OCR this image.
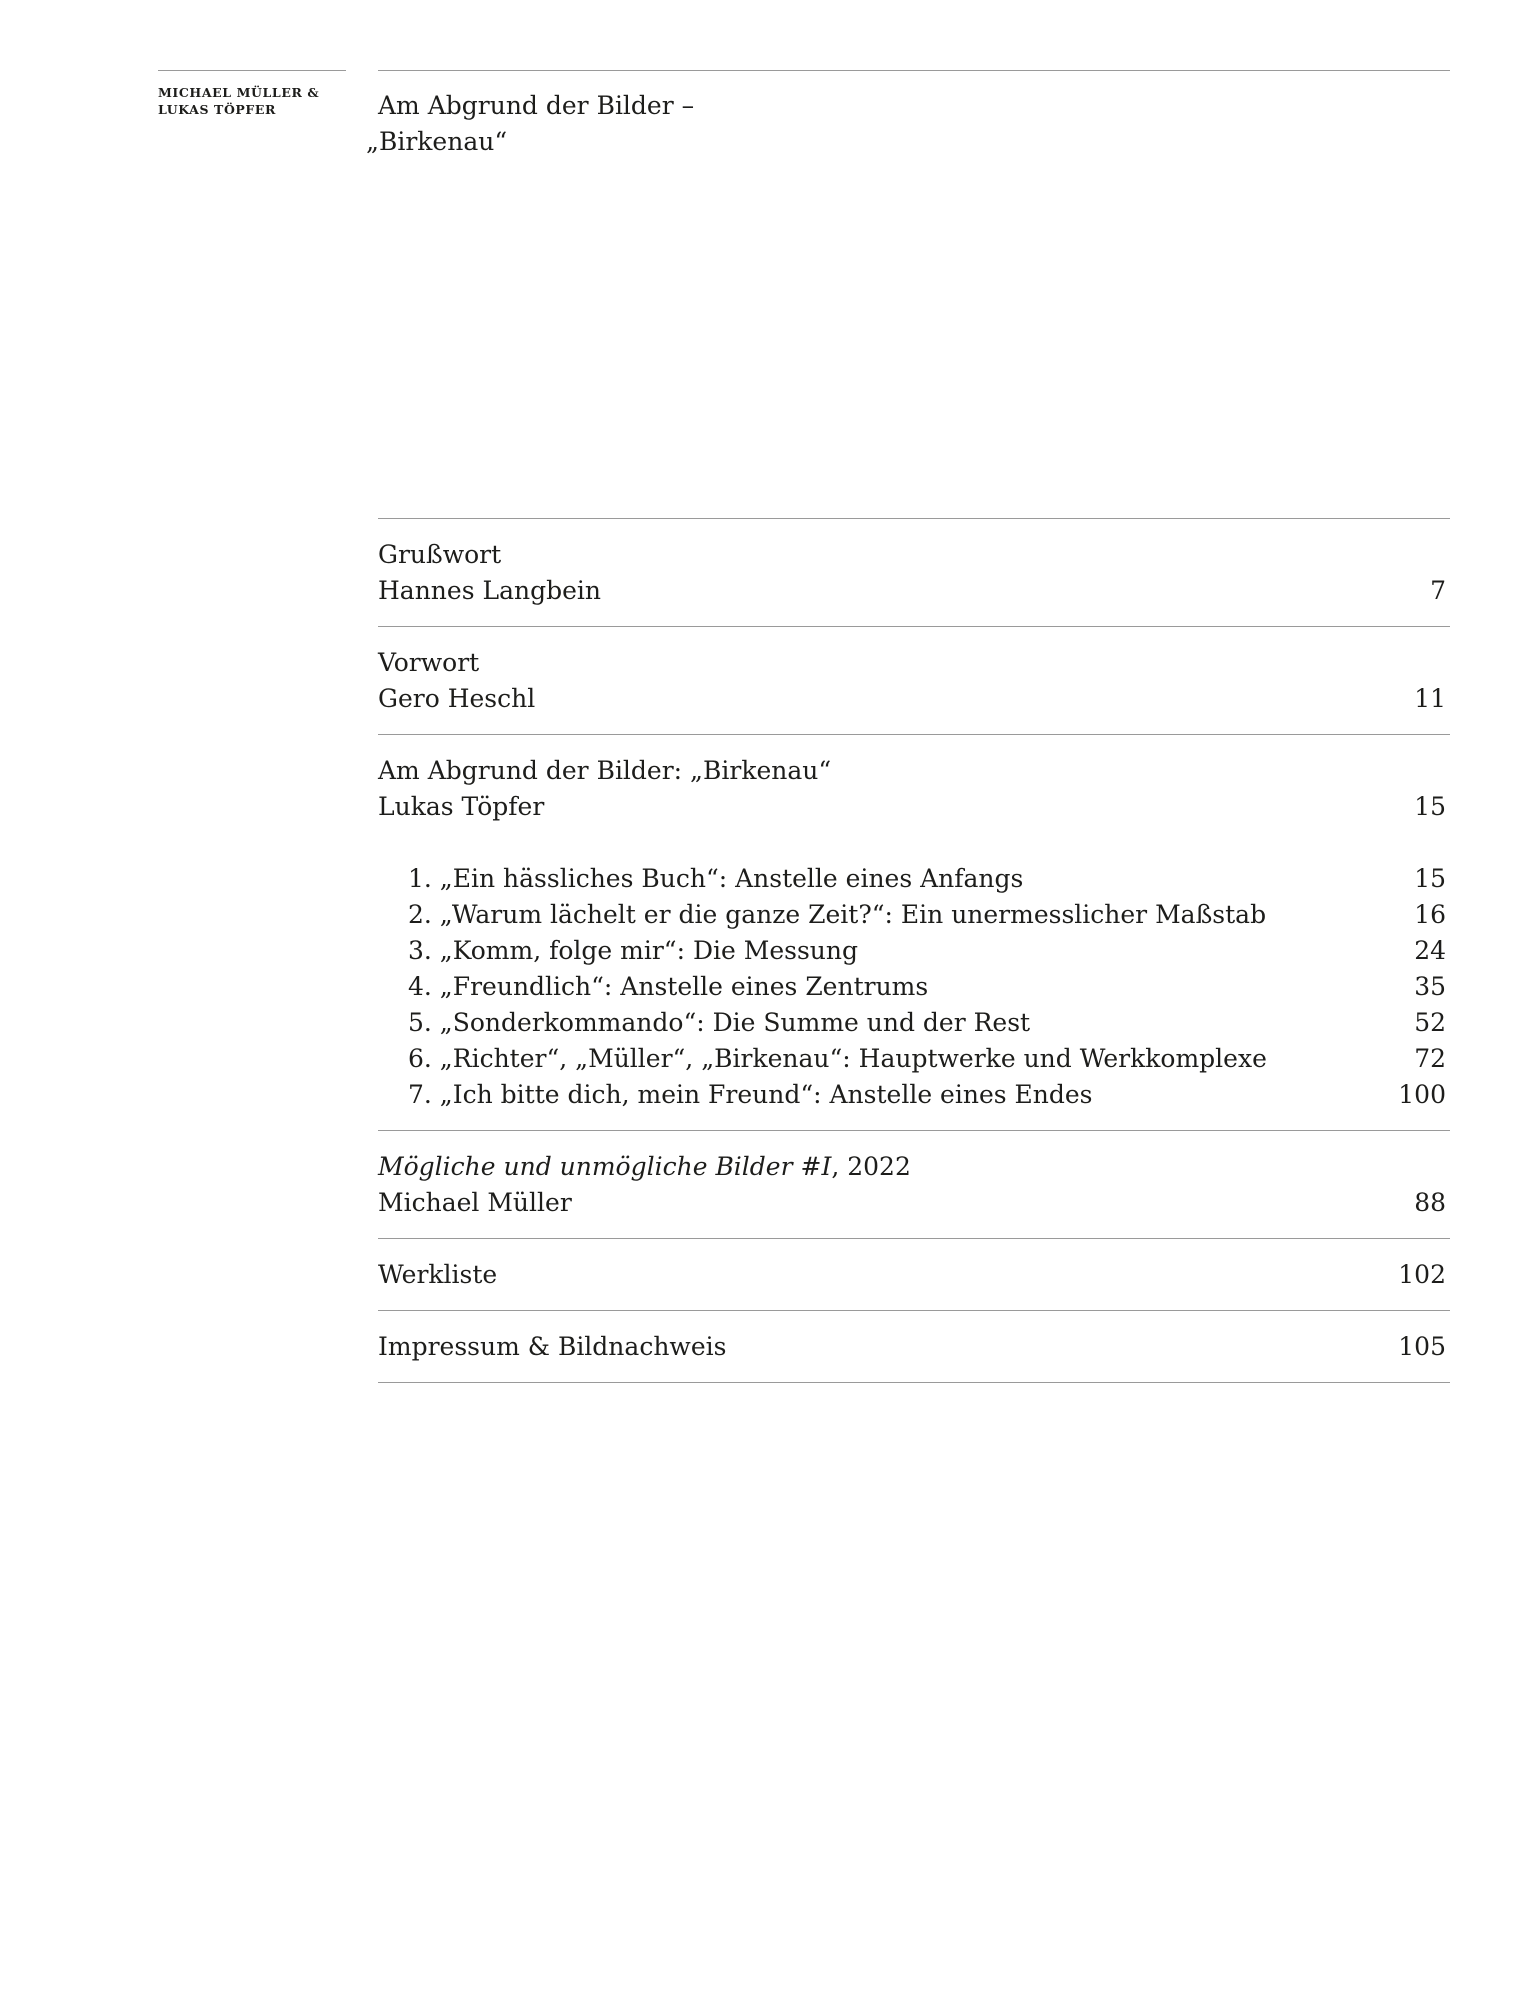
MICHAEL MÜLLER &
LUKAS TÖPFER	Am Abgrund der Bilder –
„Birkenau“
Grußwort
Hannes Langbein	7
Vorwort
Gero Heschl	11
Am Abgrund der Bilder: „Birkenau“
Lukas Töpfer	15
1. „Ein hässliches Buch“: Anstelle eines Anfangs	15
2. „Warum lächelt er die ganze Zeit?“: Ein unermesslicher Maßstab	16
3. „Komm, folge mir“: Die Messung	24
4. „Freundlich“: Anstelle eines Zentrums	35
5. „Sonderkommando“: Die Summe und der Rest	52
6. „Richter“, „Müller“, „Birkenau“: Hauptwerke und Werkkomplexe	72
7. „Ich bitte dich, mein Freund“: Anstelle eines Endes	100
Mögliche und unmögliche Bilder #I, 2022
Michael Müller	88
Werkliste	102
Impressum & Bildnachweis	105
